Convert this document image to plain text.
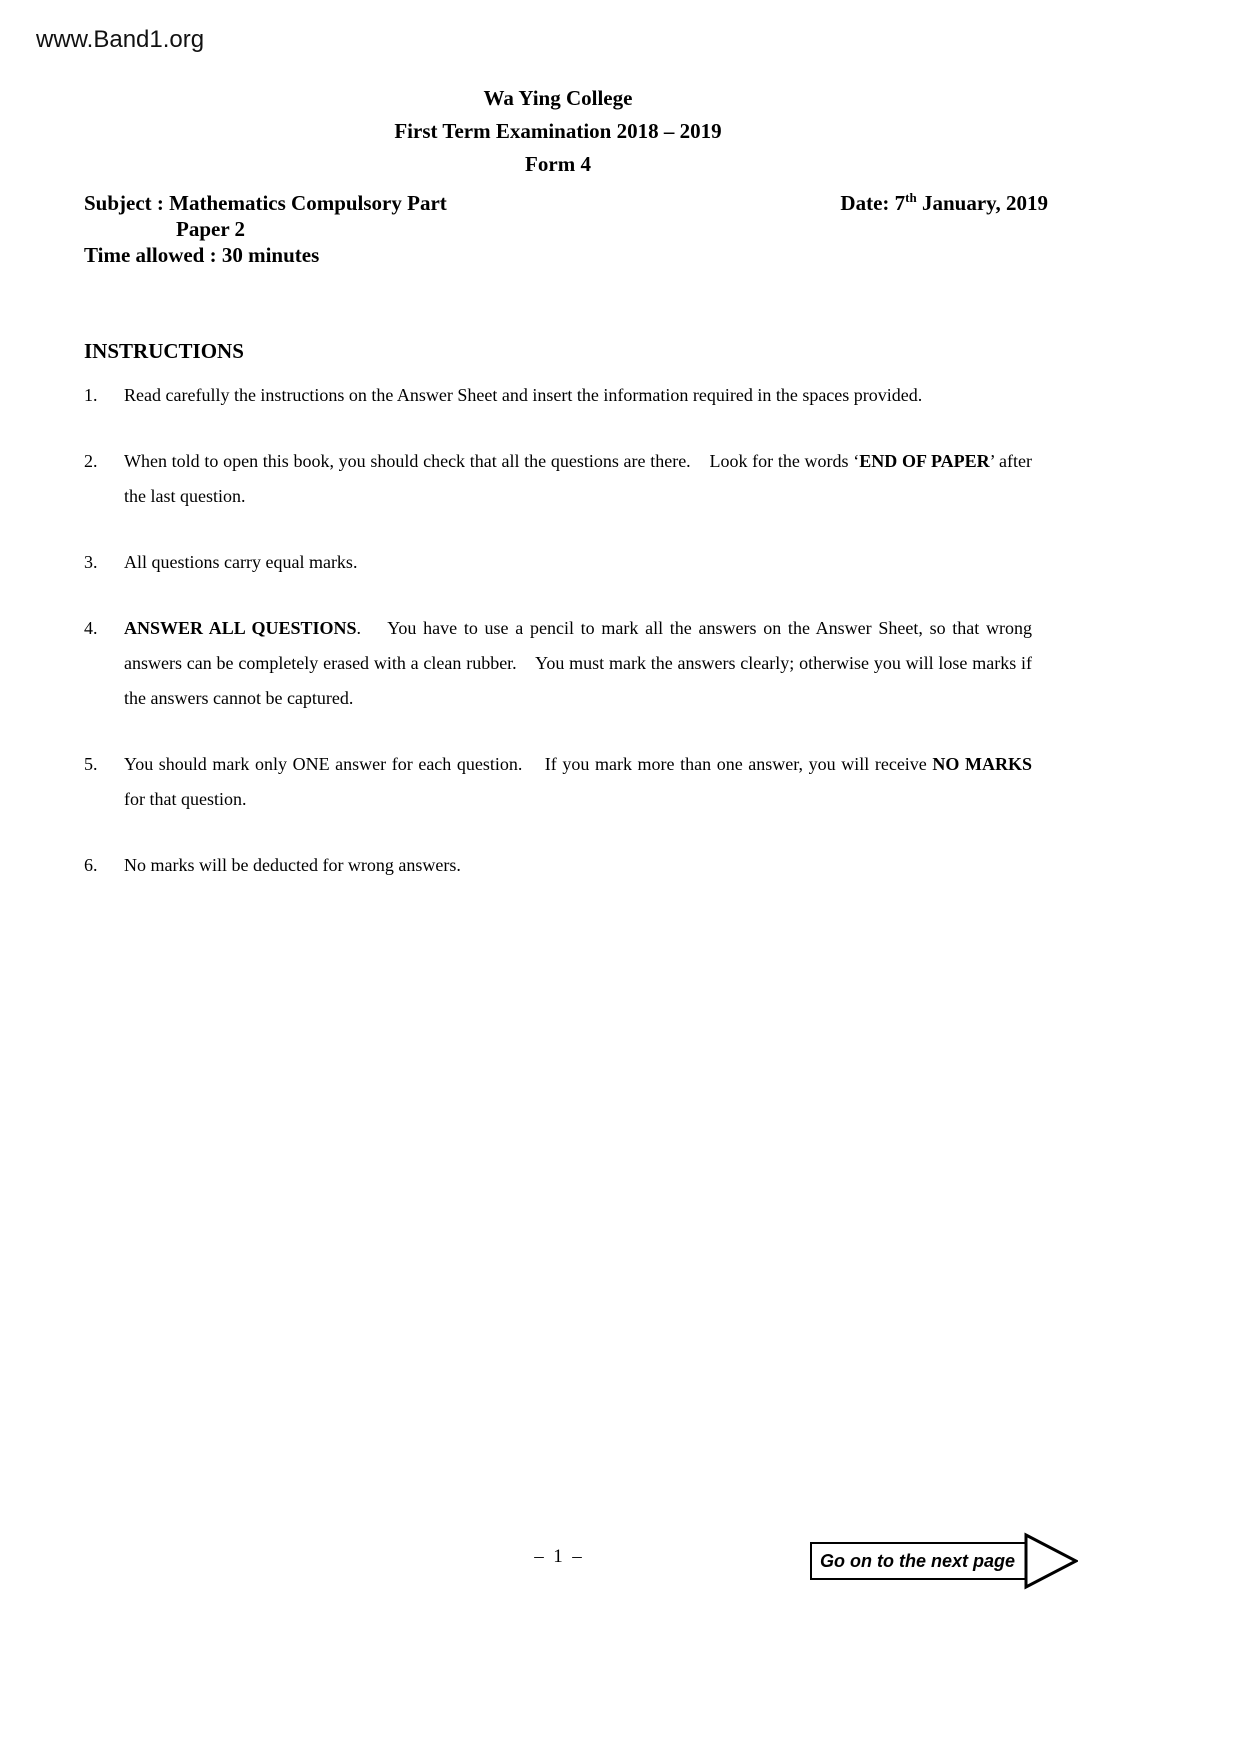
www.Band1.org
Wa Ying College
First Term Examination 2018 – 2019
Form 4
Subject : Mathematics Compulsory Part
Paper 2
Time allowed : 30 minutes
Date: 7th January, 2019
INSTRUCTIONS
1.	Read carefully the instructions on the Answer Sheet and insert the information required in the spaces provided.
2.	When told to open this book, you should check that all the questions are there.    Look for the words ‘END OF PAPER’ after the last question.
3.	All questions carry equal marks.
4.	ANSWER ALL QUESTIONS.    You have to use a pencil to mark all the answers on the Answer Sheet, so that wrong answers can be completely erased with a clean rubber.    You must mark the answers clearly; otherwise you will lose marks if the answers cannot be captured.
5.	You should mark only ONE answer for each question.    If you mark more than one answer, you will receive NO MARKS for that question.
6.	No marks will be deducted for wrong answers.
–  1  –	Go on to the next page
